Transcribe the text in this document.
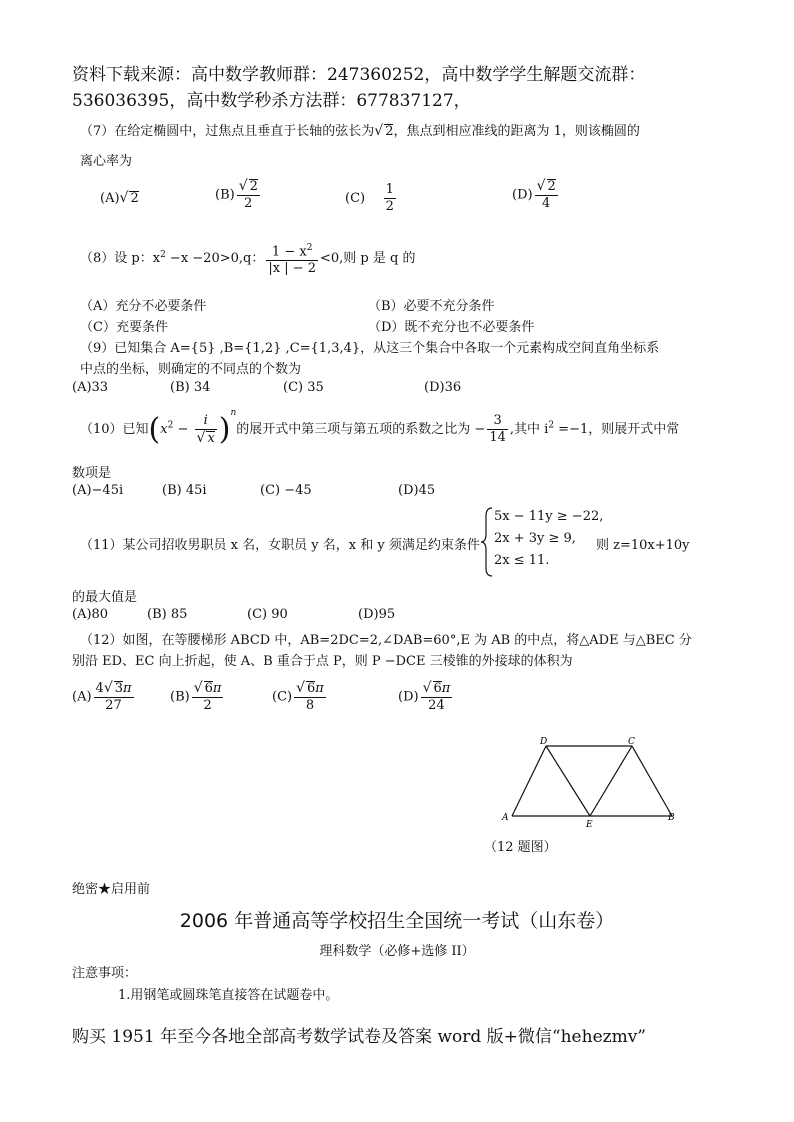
资料下载来源：高中数学教师群：247360252，高中数学学生解题交流群：
536036395，高中数学秒杀方法群：677837127，
（7）在给定椭圆中，过焦点且垂直于长轴的弦长为√ 2，焦点到相应准线的距离为 1，则该椭圆的
离心率为
(A)√ 2	$(B) \frac{√ 2}{2}$	$(C) \frac{1}{2}$	$(D) \frac{√ 2}{4}$
（8）设 p：$x^2 -x -20>0,q$： $\frac{1 - x^2}{|x | - 2} <0$,则 p 是 q 的
（A）充分不必要条件	（B）必要不充分条件
（C）充要条件	（D）既不充分也不必要条件
（9）已知集合 A={5} ,B={1,2} ,C={1,3,4}，从这三个集合中各取一个元素构成空间直角坐标系
中点的坐标，则确定的不同点的个数为
(A)33	(B) 34	(C) 35	(D)36
（10）已知$(x^2 - \frac{i}{√ x} )^n$的展开式中第三项与第五项的系数之比为 − $\frac{3}{14}$ ,其中 $i^2 =-1$，则展开式中常
数项是
(A)−45i	(B) 45i	(C) −45	(D)45
（11）某公司招收男职员 x 名，女职员 y 名，x 和 y 须满足约束条件
5x − 11y ≥ −22,
2x + 3y ≥ 9,
2x ≤ 11.
则 z=10x+10y
的最大值是
(A)80	(B) 85	(C) 90	(D)95
（12）如图，在等腰梯形 ABCD 中，AB=2DC=2,∠DAB=60°,E 为 AB 的中点，将△ADE 与△BEC 分
别沿 ED、EC 向上折起，使 A、B 重合于点 P，则 P −DCE 三棱锥的外接球的体积为
$(A) \frac{4√ 3\pi}{27}$	$(B) \frac{√ 6\pi}{2}$	$(C) \frac{√ 6\pi}{8}$	$(D) \frac{√ 6\pi}{24}$
A	B
C
D
E
（12 题图）
绝密★启用前
2006 年普通高等学校招生全国统一考试（山东卷）
理科数学（必修+选修 II）
注意事项：
1.用钢笔或圆珠笔直接答在试题卷中。
购买 1951 年至今各地全部高考数学试卷及答案 word 版+微信“hehezmv”
